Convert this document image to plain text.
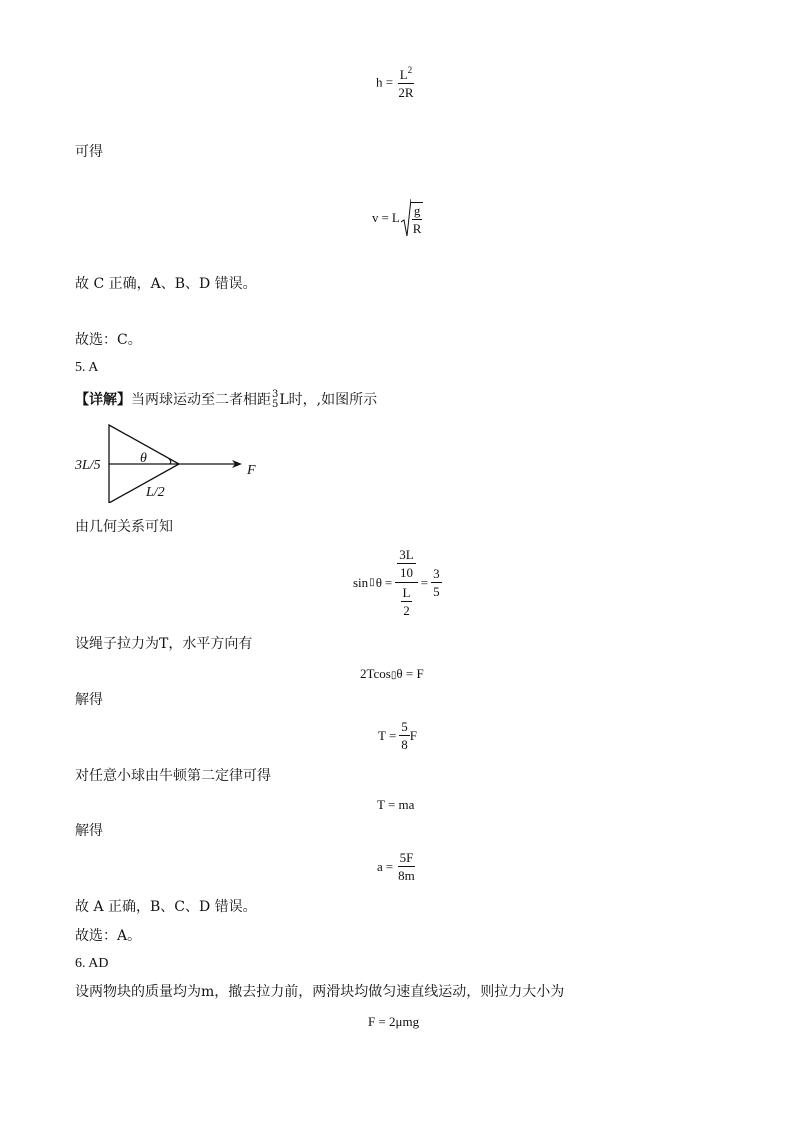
$h = \frac{L^2}{2R}$
可得
v = L $\frac{g}{R}$
故 C 正确，A、B、D 错误。
故选：C。
5. A
【详解】 当两球运动至二者相距 3
5 L时，,如图所示
3L/5	θ
L/2
F
由几何关系可知
sin ▯ $\theta = \frac{\frac{3L}{10}}{\frac{L}{2}} = \frac{3}{5}$
设绳子拉力为T，水平方向有
2Tcos▯θ = F
解得
$T = \frac{5}{8}$ F
对任意小球由牛顿第二定律可得
T = ma
解得
$a = \frac{5F}{8m}$
故 A 正确，B、C、D 错误。
故选：A。
6. AD
设两物块的质量均为m，撤去拉力前，两滑块均做匀速直线运动，则拉力大小为
F = 2μmg
